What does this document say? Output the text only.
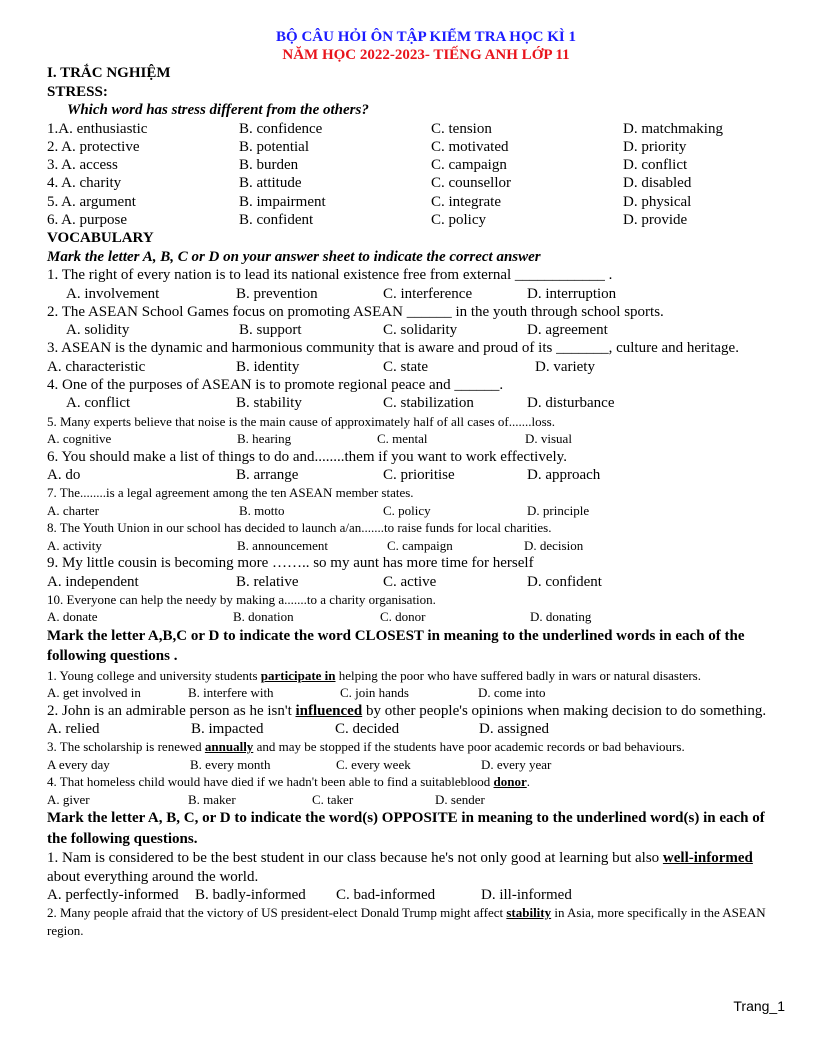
BỘ CÂU HỎI ÔN TẬP KIỂM TRA HỌC KÌ 1
NĂM HỌC 2022-2023- TIẾNG ANH LỚP 11
I. TRẮC NGHIỆM
STRESS:
Which word has stress different from the others?
1.A. enthusiastic	B. confidence	C. tension	D. matchmaking
2. A. protective	B. potential	C. motivated	D. priority
3. A. access	B. burden	C. campaign	D. conflict
4. A. charity	B. attitude	C. counsellor	D. disabled
5. A. argument	B. impairment	C. integrate	D. physical
6. A. purpose	B. confident	C. policy	D. provide
VOCABULARY
Mark the letter A, B, C or D on your answer sheet to indicate the correct answer
1. The right of every nation is to lead its national existence free from external ____________ .
A. involvement	B. prevention	C. interference	D. interruption
2. The ASEAN School Games focus on promoting ASEAN ______ in the youth through school sports.
A. solidity	B. support	C. solidarity	D. agreement
3. ASEAN is the dynamic and harmonious community that is aware and proud of its _______, culture and heritage.
A. characteristic	B. identity	C. state	D. variety
4. One of the purposes of ASEAN is to promote regional peace and ______.
A. conflict	B. stability	C. stabilization	D. disturbance
5. Many experts believe that noise is the main cause of approximately half of all cases of.......loss.
A. cognitive	B. hearing	C. mental	D. visual
6. You should make a list of things to do and........them if you want to work effectively.
A. do	B. arrange	C. prioritise	D. approach
7. The........is a legal agreement among the ten ASEAN member states.
A. charter	B. motto	C. policy	D. principle
8. The Youth Union in our school has decided to launch a/an.......to raise funds for local charities.
A. activity	B. announcement	C. campaign	D. decision
9. My little cousin is becoming more …….. so my aunt has more time for herself
A. independent	B. relative	C. active	D. confident
10. Everyone can help the needy by making a.......to a charity organisation.
A. donate	B. donation	C. donor	D. donating
Mark the letter A,B,C or D to indicate the word CLOSEST in meaning to the underlined words in each of the following questions .
1. Young college and university students participate in helping the poor who have suffered badly in wars or natural disasters.
A. get involved in	B. interfere with	C. join hands	D. come into
2. John is an admirable person as he isn't influenced by other people's opinions when making decision to do something.
A. relied	B. impacted	C. decided	D. assigned
3. The scholarship is renewed annually and may be stopped if the students have poor academic records or bad behaviours.
A every day	B. every month	C. every week	D. every year
4. That homeless child would have died if we hadn't been able to find a suitableblood donor.
A. giver	B. maker	C. taker	D. sender
Mark the letter A, B, C, or D to indicate the word(s) OPPOSITE in meaning to the underlined word(s) in each of the following questions.
1. Nam is considered to be the best student in our class because he's not only good at learning but also well-informed about everything around the world.
A. perfectly-informed	B. badly-informed	C. bad-informed	D. ill-informed
2. Many people afraid that the victory of US president-elect Donald Trump might affect stability in Asia, more specifically in the ASEAN region.
Trang_1
